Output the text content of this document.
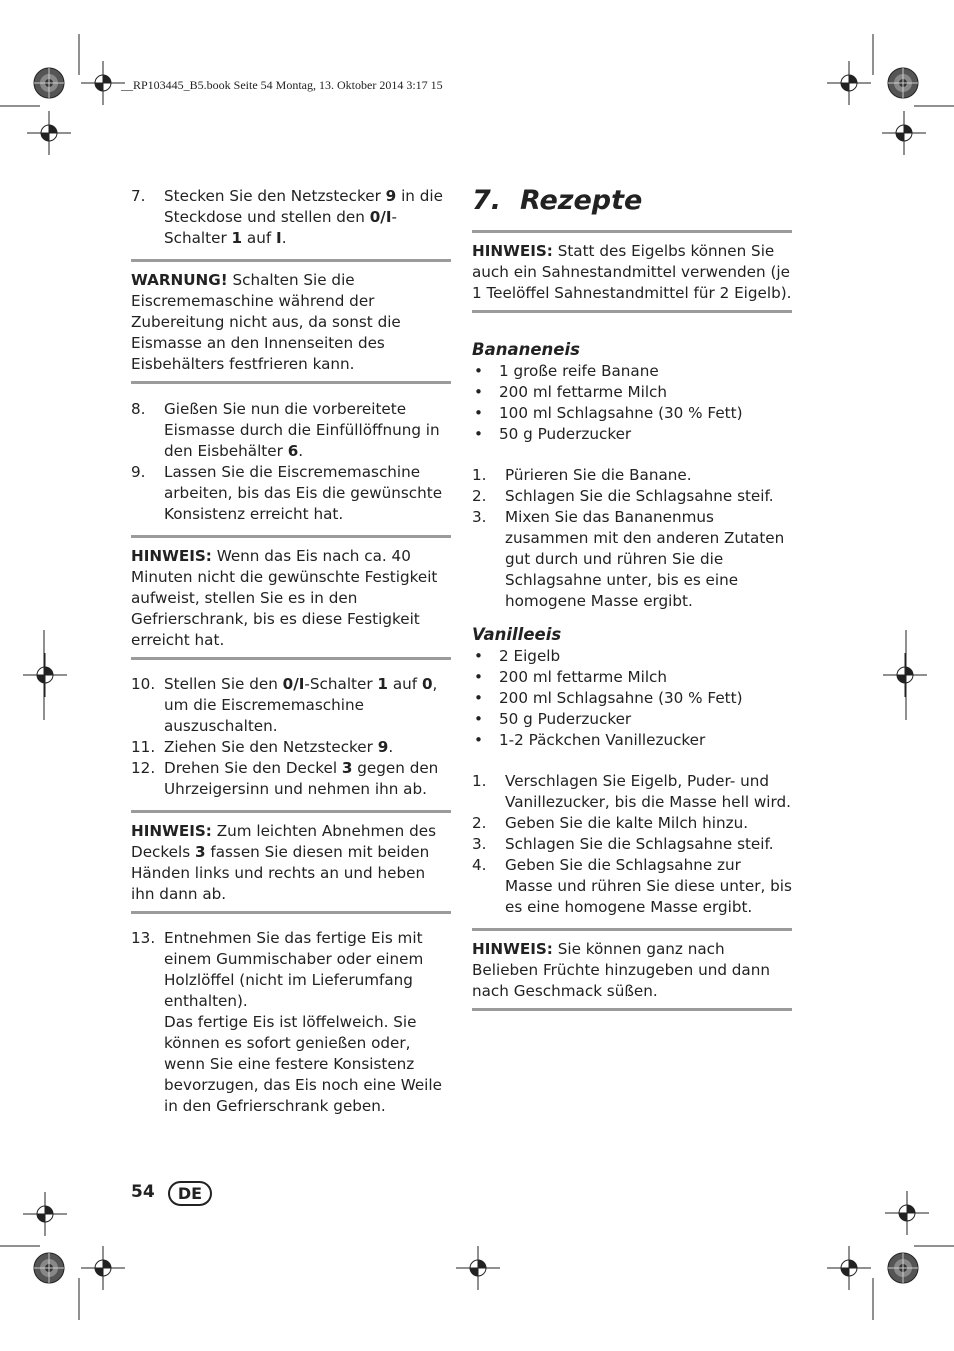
__RP103445_B5.book Seite 54 Montag, 13. Oktober 2014 3:17 15
7.	Stecken Sie den Netzstecker 9 in die Steckdose und stellen den 0/I-Schalter 1 auf I.
WARNUNG! Schalten Sie die Eiscrememaschine während der Zubereitung nicht aus, da sonst die Eismasse an den Innenseiten des Eisbehälters festfrieren kann.
8.	Gießen Sie nun die vorbereitete Eismasse durch die Einfüllöffnung in den Eisbehälter 6.
9.	Lassen Sie die Eiscrememaschine arbeiten, bis das Eis die gewünschte Konsistenz erreicht hat.
HINWEIS: Wenn das Eis nach ca. 40 Minuten nicht die gewünschte Festigkeit aufweist, stellen Sie es in den Gefrierschrank, bis es diese Festigkeit erreicht hat.
10. Stellen Sie den 0/I-Schalter 1 auf 0, um die Eiscrememaschine auszuschalten.
11. Ziehen Sie den Netzstecker 9.
12. Drehen Sie den Deckel 3 gegen den Uhrzeigersinn und nehmen ihn ab.
HINWEIS: Zum leichten Abnehmen des Deckels 3 fassen Sie diesen mit beiden Händen links und rechts an und heben ihn dann ab.
13. Entnehmen Sie das fertige Eis mit einem Gummischaber oder einem Holzlöffel (nicht im Lieferumfang enthalten).
Das fertige Eis ist löffelweich. Sie können es sofort genießen oder, wenn Sie eine festere Konsistenz bevorzugen, das Eis noch eine Weile in den Gefrierschrank geben.
7. Rezepte
HINWEIS: Statt des Eigelbs können Sie auch ein Sahnestandmittel verwenden (je 1 Teelöffel Sahnestandmittel für 2 Eigelb).
Bananeneis
•	1 große reife Banane
•	200 ml fettarme Milch
•	100 ml Schlagsahne (30 % Fett)
•	50 g Puderzucker
1.	Pürieren Sie die Banane.
2.	Schlagen Sie die Schlagsahne steif.
3.	Mixen Sie das Bananenmus zusammen mit den anderen Zutaten gut durch und rühren Sie die Schlagsahne unter, bis es eine homogene Masse ergibt.
Vanilleeis
•	2 Eigelb
•	200 ml fettarme Milch
•	200 ml Schlagsahne (30 % Fett)
•	50 g Puderzucker
•	1-2 Päckchen Vanillezucker
1.	Verschlagen Sie Eigelb, Puder- und Vanillezucker, bis die Masse hell wird.
2.	Geben Sie die kalte Milch hinzu.
3.	Schlagen Sie die Schlagsahne steif.
4.	Geben Sie die Schlagsahne zur Masse und rühren Sie diese unter, bis es eine homogene Masse ergibt.
HINWEIS: Sie können ganz nach Belieben Früchte hinzugeben und dann nach Geschmack süßen.
54	DE
